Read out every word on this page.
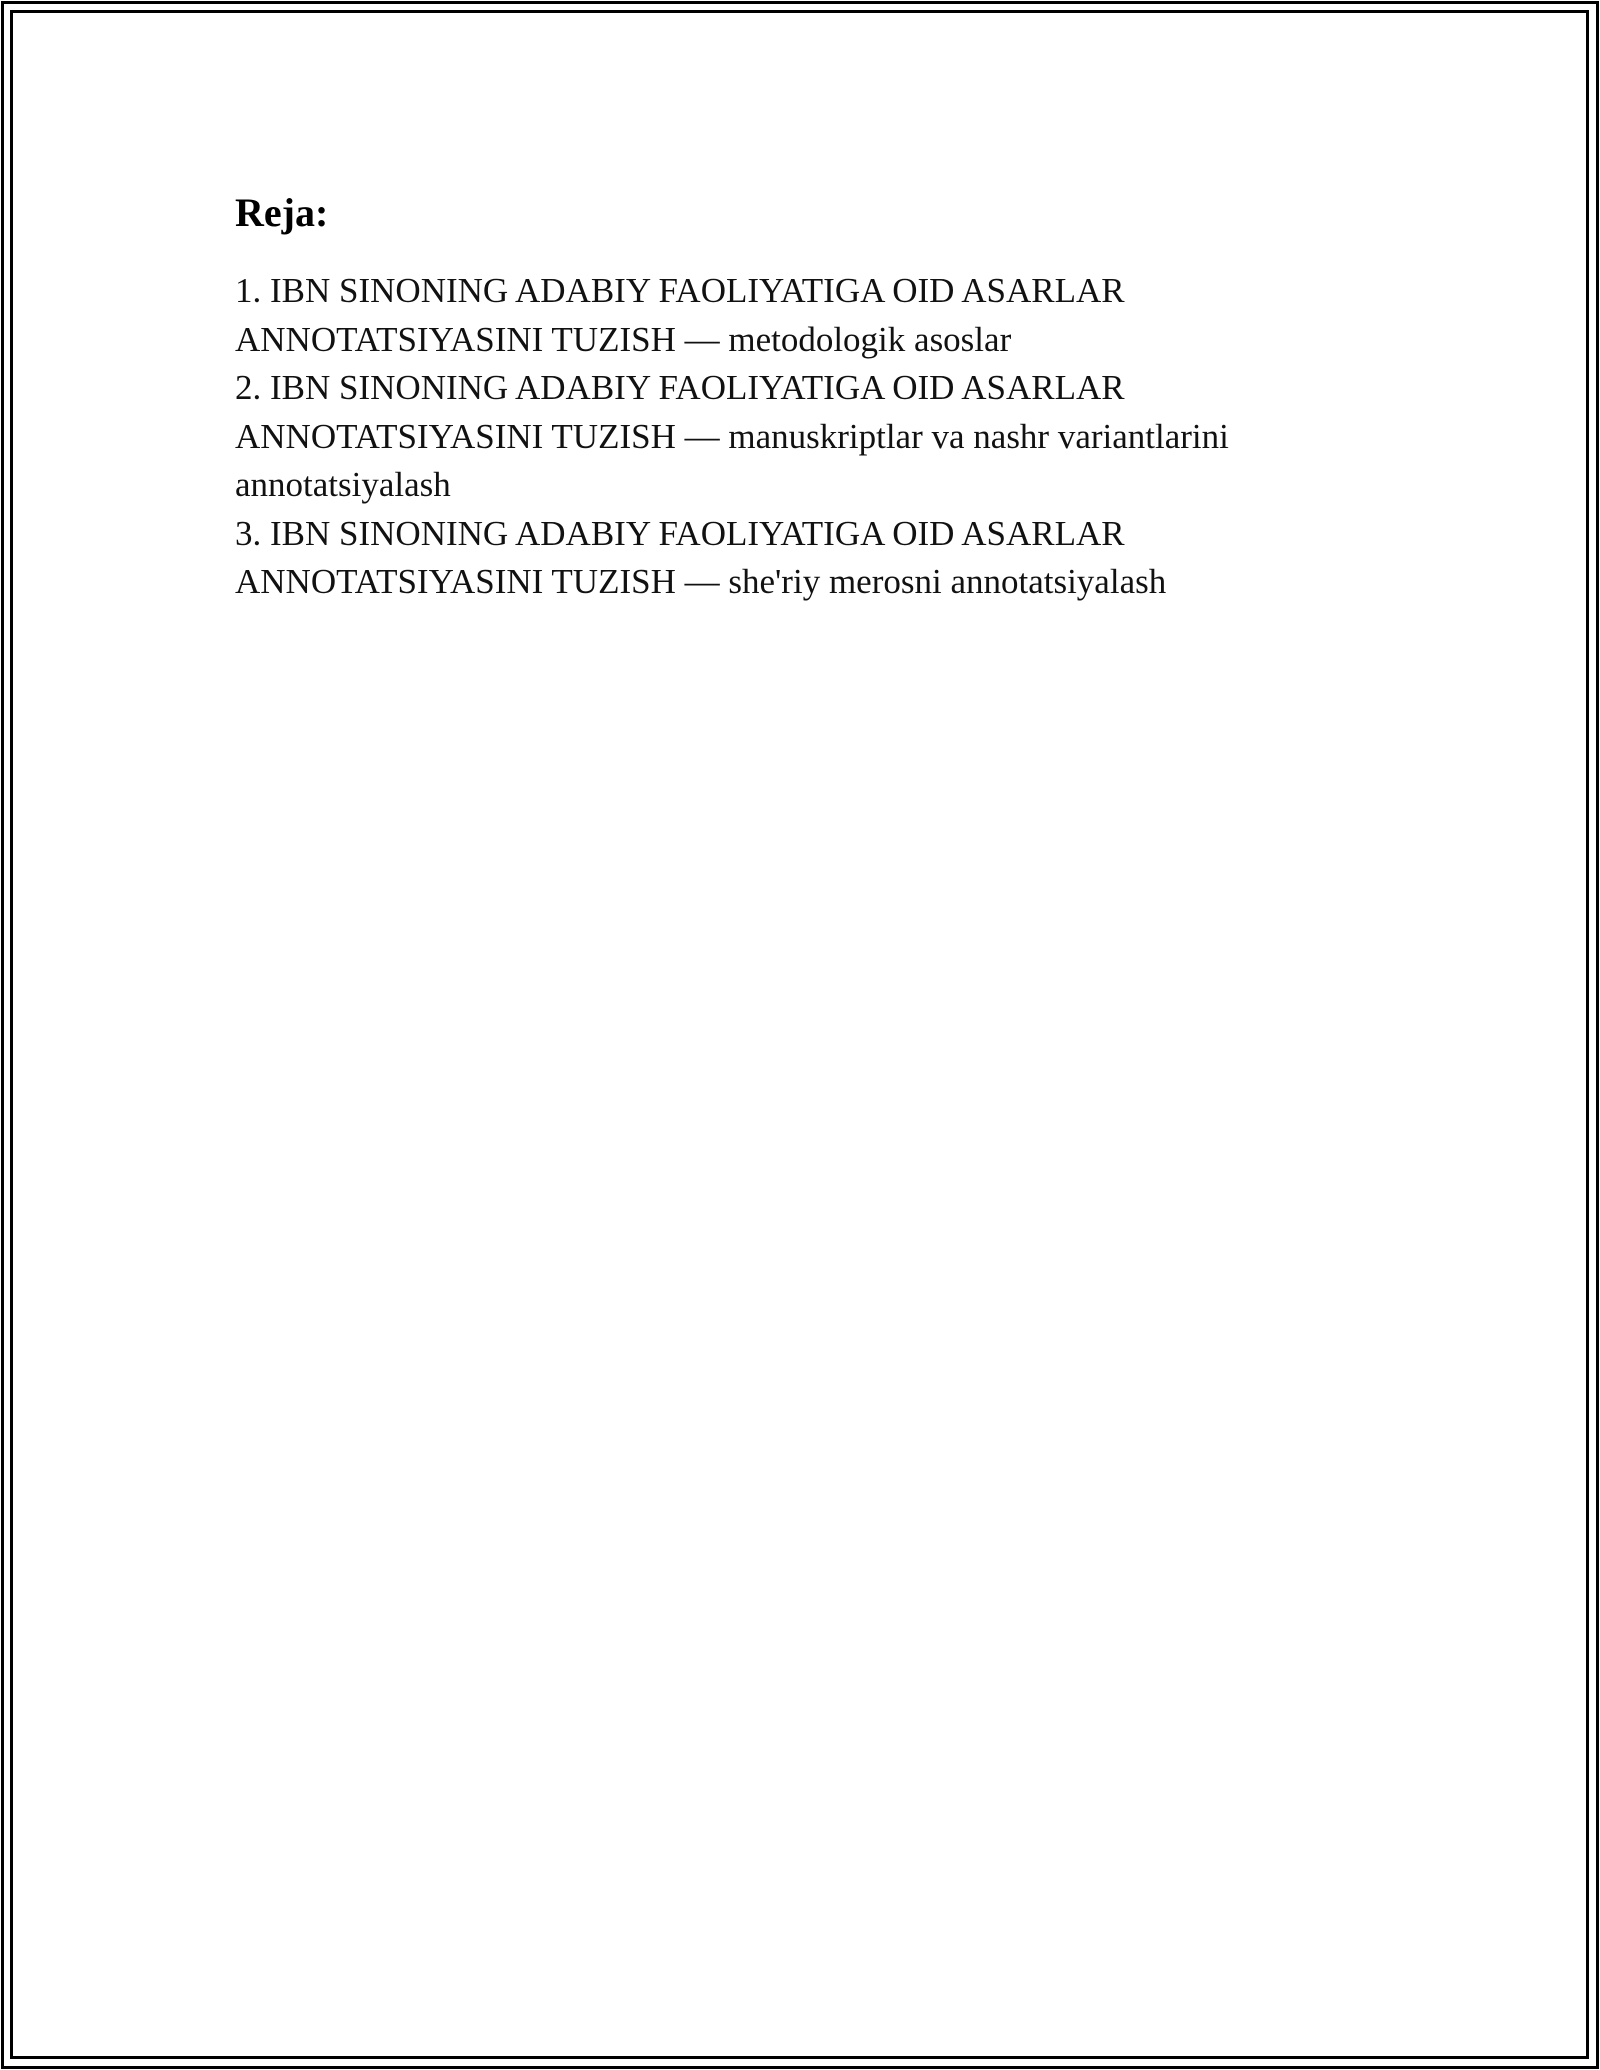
Reja:
1. IBN SINONING ADABIY FAOLIYATIGA OID ASARLAR ANNOTATSIYASINI TUZISH — metodologik asoslar
2. IBN SINONING ADABIY FAOLIYATIGA OID ASARLAR ANNOTATSIYASINI TUZISH — manuskriptlar va nashr variantlarini annotatsiyalash
3. IBN SINONING ADABIY FAOLIYATIGA OID ASARLAR ANNOTATSIYASINI TUZISH — she'riy merosni annotatsiyalash
